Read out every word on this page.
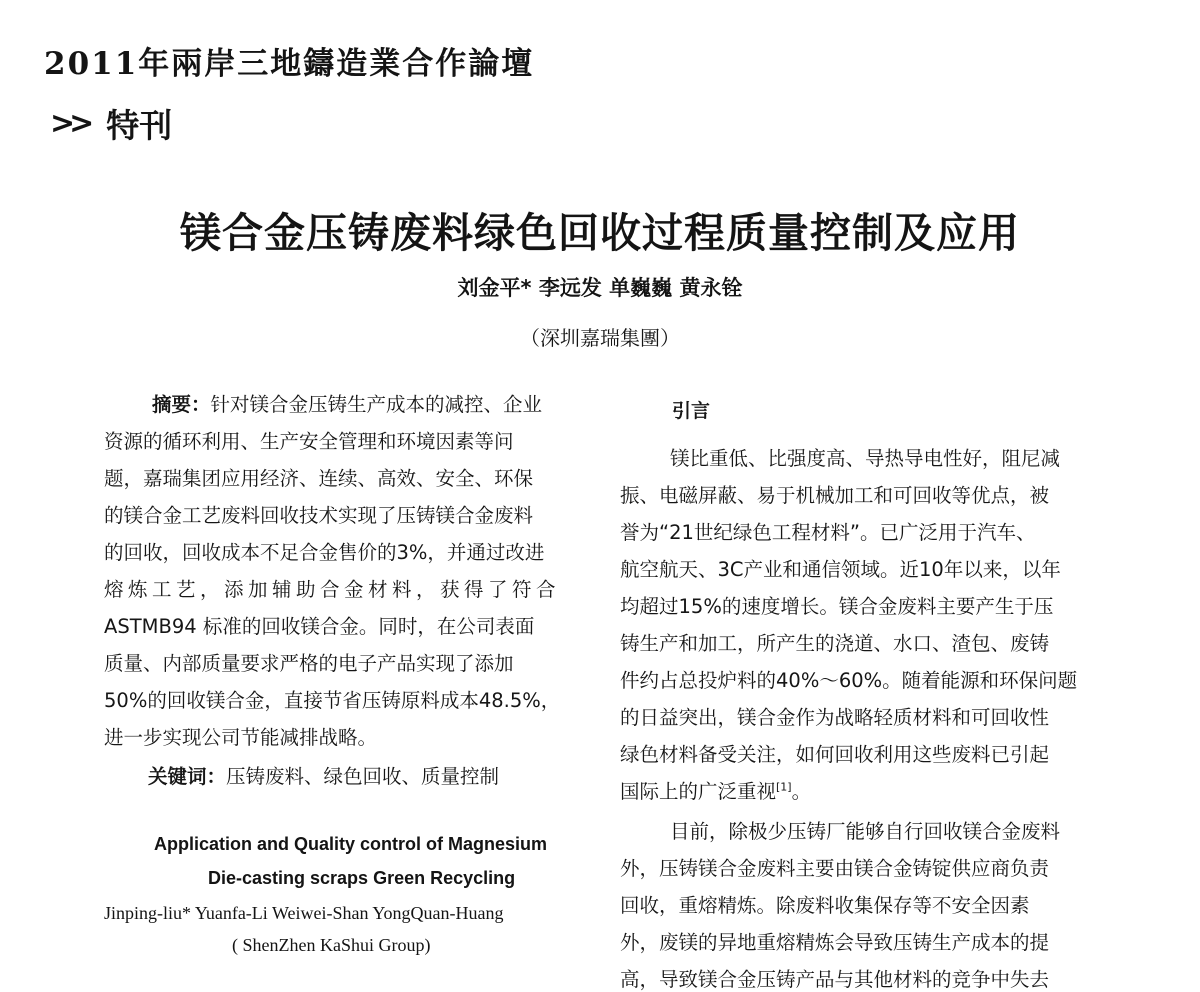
2011年兩岸三地鑄造業合作論壇
>> 特刊
镁合金压铸废料绿色回收过程质量控制及应用
刘金平* 李远发 单巍巍 黄永铨
（深圳嘉瑞集團）
摘要：针对镁合金压铸生产成本的减控、企业
资源的循环利用、生产安全管理和环境因素等问
题，嘉瑞集团应用经济、连续、高效、安全、环保
的镁合金工艺废料回收技术实现了压铸镁合金废料
的回收，回收成本不足合金售价的3%，并通过改进
熔炼工艺，添加辅助合金材料，获得了符合
ASTMB94 标准的回收镁合金。同时，在公司表面
质量、内部质量要求严格的电子产品实现了添加
50%的回收镁合金，直接节省压铸原料成本48.5%，
进一步实现公司节能减排战略。
关键词：压铸废料、绿色回收、质量控制
Application and Quality control of Magnesium
Die-casting scraps Green Recycling
Jinping-liu* Yuanfa-Li Weiwei-Shan YongQuan-Huang
( ShenZhen KaShui Group)
引言
镁比重低、比强度高、导热导电性好，阻尼减
振、电磁屏蔽、易于机械加工和可回收等优点，被
誉为“21世纪绿色工程材料”。已广泛用于汽车、
航空航天、3C产业和通信领域。近10年以来，以年
均超过15%的速度增长。镁合金废料主要产生于压
铸生产和加工，所产生的浇道、水口、渣包、废铸
件约占总投炉料的40%～60%。随着能源和环保问题
的日益突出，镁合金作为战略轻质材料和可回收性
绿色材料备受关注，如何回收利用这些废料已引起
国际上的广泛重视[1]。
目前，除极少压铸厂能够自行回收镁合金废料
外，压铸镁合金废料主要由镁合金铸锭供应商负责
回收，重熔精炼。除废料收集保存等不安全因素
外，废镁的异地重熔精炼会导致压铸生产成本的提
高，导致镁合金压铸产品与其他材料的竞争中失去
